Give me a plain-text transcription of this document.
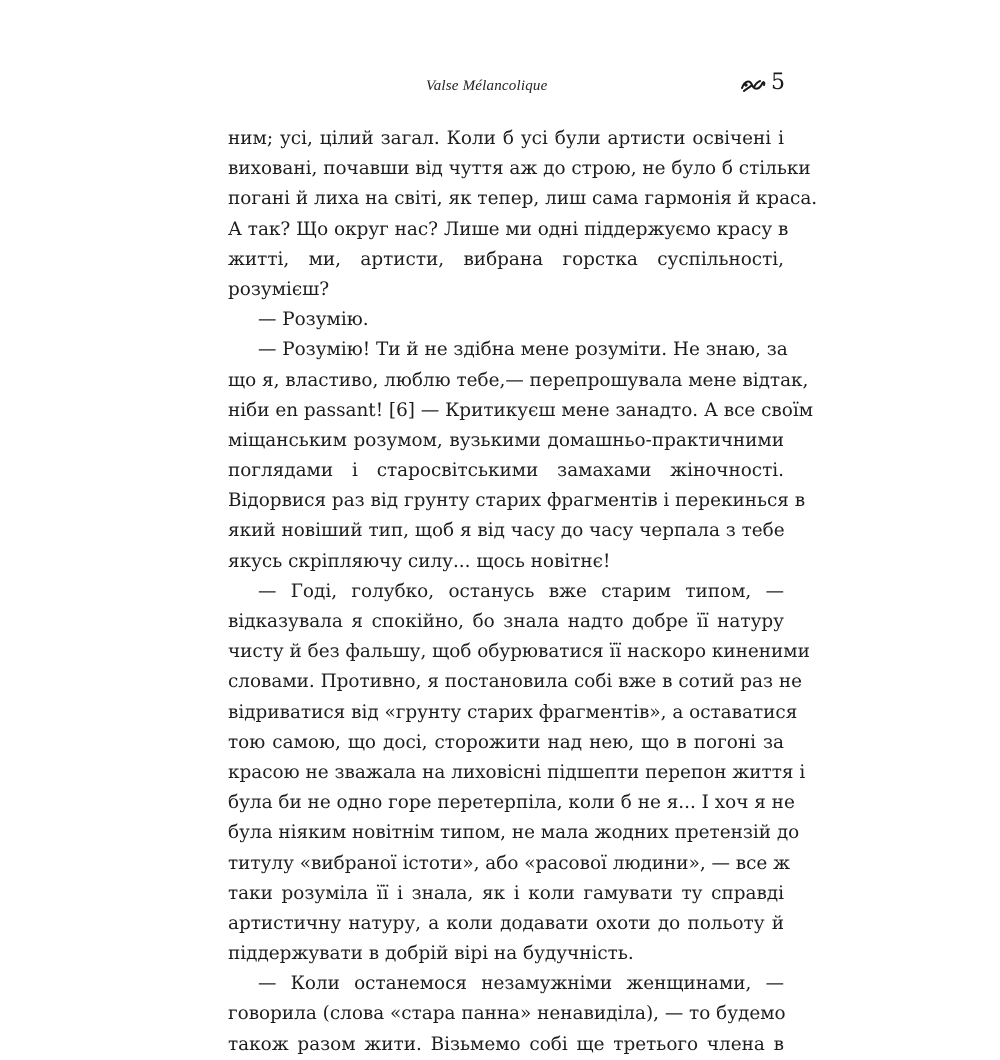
Valse Mélancolique	5
ним; усі, цілий загал. Коли б усі були артисти освічені і
виховані, почавши від чуття аж до строю, не було б стільки
погані й лиха на світі, як тепер, лиш сама гармонія й краса.
А так? Що округ нас? Лише ми одні піддержуємо красу в
житті, ми, артисти, вибрана горстка суспільності,
розумієш?
— Розумію.
— Розумію! Ти й не здібна мене розуміти. Не знаю, за
що я, властиво, люблю тебе,— перепрошувала мене відтак,
ніби en passant! [6] — Критикуєш мене занадто. А все своїм
міщанським розумом, вузькими домашньо-практичними
поглядами і старосвітськими замахами жіночності.
Відорвися раз від грунту старих фрагментів і перекинься в
який новіший тип, щоб я від часу до часу черпала з тебе
якусь скріпляючу силу... щось новітнє!
— Годі, голубко, останусь вже старим типом, —
відказувала я спокійно, бо знала надто добре її натуру
чисту й без фальшу, щоб обурюватися її наскоро киненими
словами. Противно, я постановила собі вже в сотий раз не
відриватися від «грунту старих фрагментів», а оставатися
тою самою, що досі, сторожити над нею, що в погоні за
красою не зважала на лиховісні підшепти перепон життя і
була би не одно горе перетерпіла, коли б не я... І хоч я не
була ніяким новітнім типом, не мала жодних претензій до
титулу «вибраної істоти», або «расової людини», — все ж
таки розуміла її і знала, як і коли гамувати ту справді
артистичну натуру, а коли додавати охоти до польоту й
піддержувати в добрій вірі на будучність.
— Коли останемося незамужніми женщинами, —
говорила (слова «стара панна» ненавиділа), — то будемо
також разом жити. Візьмемо собі ще третього члена в
